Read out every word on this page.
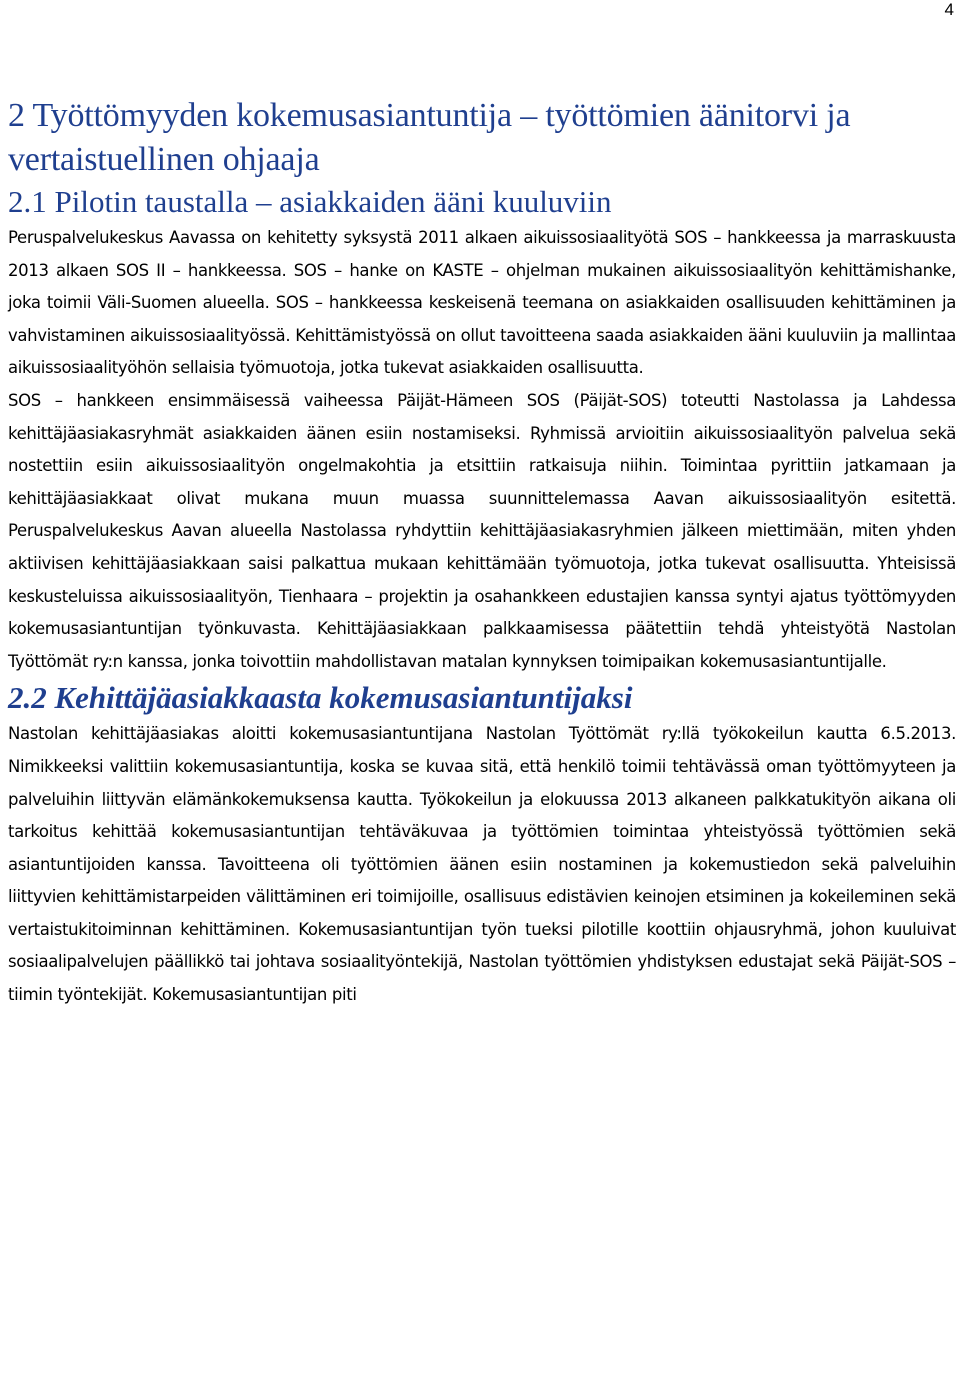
4
2 Työttömyyden kokemusasiantuntija – työttömien äänitorvi ja vertaistuellinen ohjaaja
2.1 Pilotin taustalla – asiakkaiden ääni kuuluviin

Peruspalvelukeskus Aavassa on kehitetty syksystä 2011 alkaen aikuissosiaalityötä SOS – hankkeessa ja marraskuusta 2013 alkaen SOS II – hankkeessa. SOS – hanke on KASTE – ohjelman mukainen aikuissosiaalityön kehittämishanke, joka toimii Väli-Suomen alueella. SOS – hankkeessa keskeisenä teemana on asiakkaiden osallisuuden kehittäminen ja vahvistaminen aikuissosiaalityössä. Kehittämistyössä on ollut tavoitteena saada asiakkaiden ääni kuuluviin ja mallintaa aikuissosiaalityöhön sellaisia työmuotoja, jotka tukevat asiakkaiden osallisuutta.

SOS – hankkeen ensimmäisessä vaiheessa Päijät-Hämeen SOS (Päijät-SOS) toteutti Nastolassa ja Lahdessa kehittäjäasiakasryhmät asiakkaiden äänen esiin nostamiseksi. Ryhmissä arvioitiin aikuissosiaalityön palvelua sekä nostettiin esiin aikuissosiaalityön ongelmakohtia ja etsittiin ratkaisuja niihin. Toimintaa pyrittiin jatkamaan ja kehittäjäasiakkaat olivat mukana muun muassa suunnittelemassa Aavan aikuissosiaalityön esitettä. Peruspalvelukeskus Aavan alueella Nastolassa ryhdyttiin kehittäjäasiakasryhmien jälkeen miettimään, miten yhden aktiivisen kehittäjäasiakkaan saisi palkattua mukaan kehittämään työmuotoja, jotka tukevat osallisuutta. Yhteisissä keskusteluissa aikuissosiaalityön, Tienhaara – projektin ja osahankkeen edustajien kanssa syntyi ajatus työttömyyden kokemusasiantuntijan työnkuvasta. Kehittäjäasiakkaan palkkaamisessa päätettiin tehdä yhteistyötä Nastolan Työttömät ry:n kanssa, jonka toivottiin mahdollistavan matalan kynnyksen toimipaikan kokemusasiantuntijalle.

2.2 Kehittäjäasiakkaasta kokemusasiantuntijaksi

Nastolan kehittäjäasiakas aloitti kokemusasiantuntijana Nastolan Työttömät ry:llä työkokeilun kautta 6.5.2013. Nimikkeeksi valittiin kokemusasiantuntija, koska se kuvaa sitä, että henkilö toimii tehtävässä oman työttömyyteen ja palveluihin liittyvän elämänkokemuksensa kautta. Työkokeilun ja elokuussa 2013 alkaneen palkkatukityön aikana oli tarkoitus kehittää kokemusasiantuntijan tehtäväkuvaa ja työttömien toimintaa yhteistyössä työttömien sekä asiantuntijoiden kanssa. Tavoitteena oli työttömien äänen esiin nostaminen ja kokemustiedon sekä palveluihin liittyvien kehittämistarpeiden välittäminen eri toimijoille, osallisuus edistävien keinojen etsiminen ja kokeileminen sekä vertaistukitoiminnan kehittäminen. Kokemusasiantuntijan työn tueksi pilotille koottiin ohjausryhmä, johon kuuluivat sosiaalipalvelujen päällikkö tai johtava sosiaalityöntekijä, Nastolan työttömien yhdistyksen edustajat sekä Päijät-SOS – tiimin työntekijät. Kokemusasiantuntijan piti
